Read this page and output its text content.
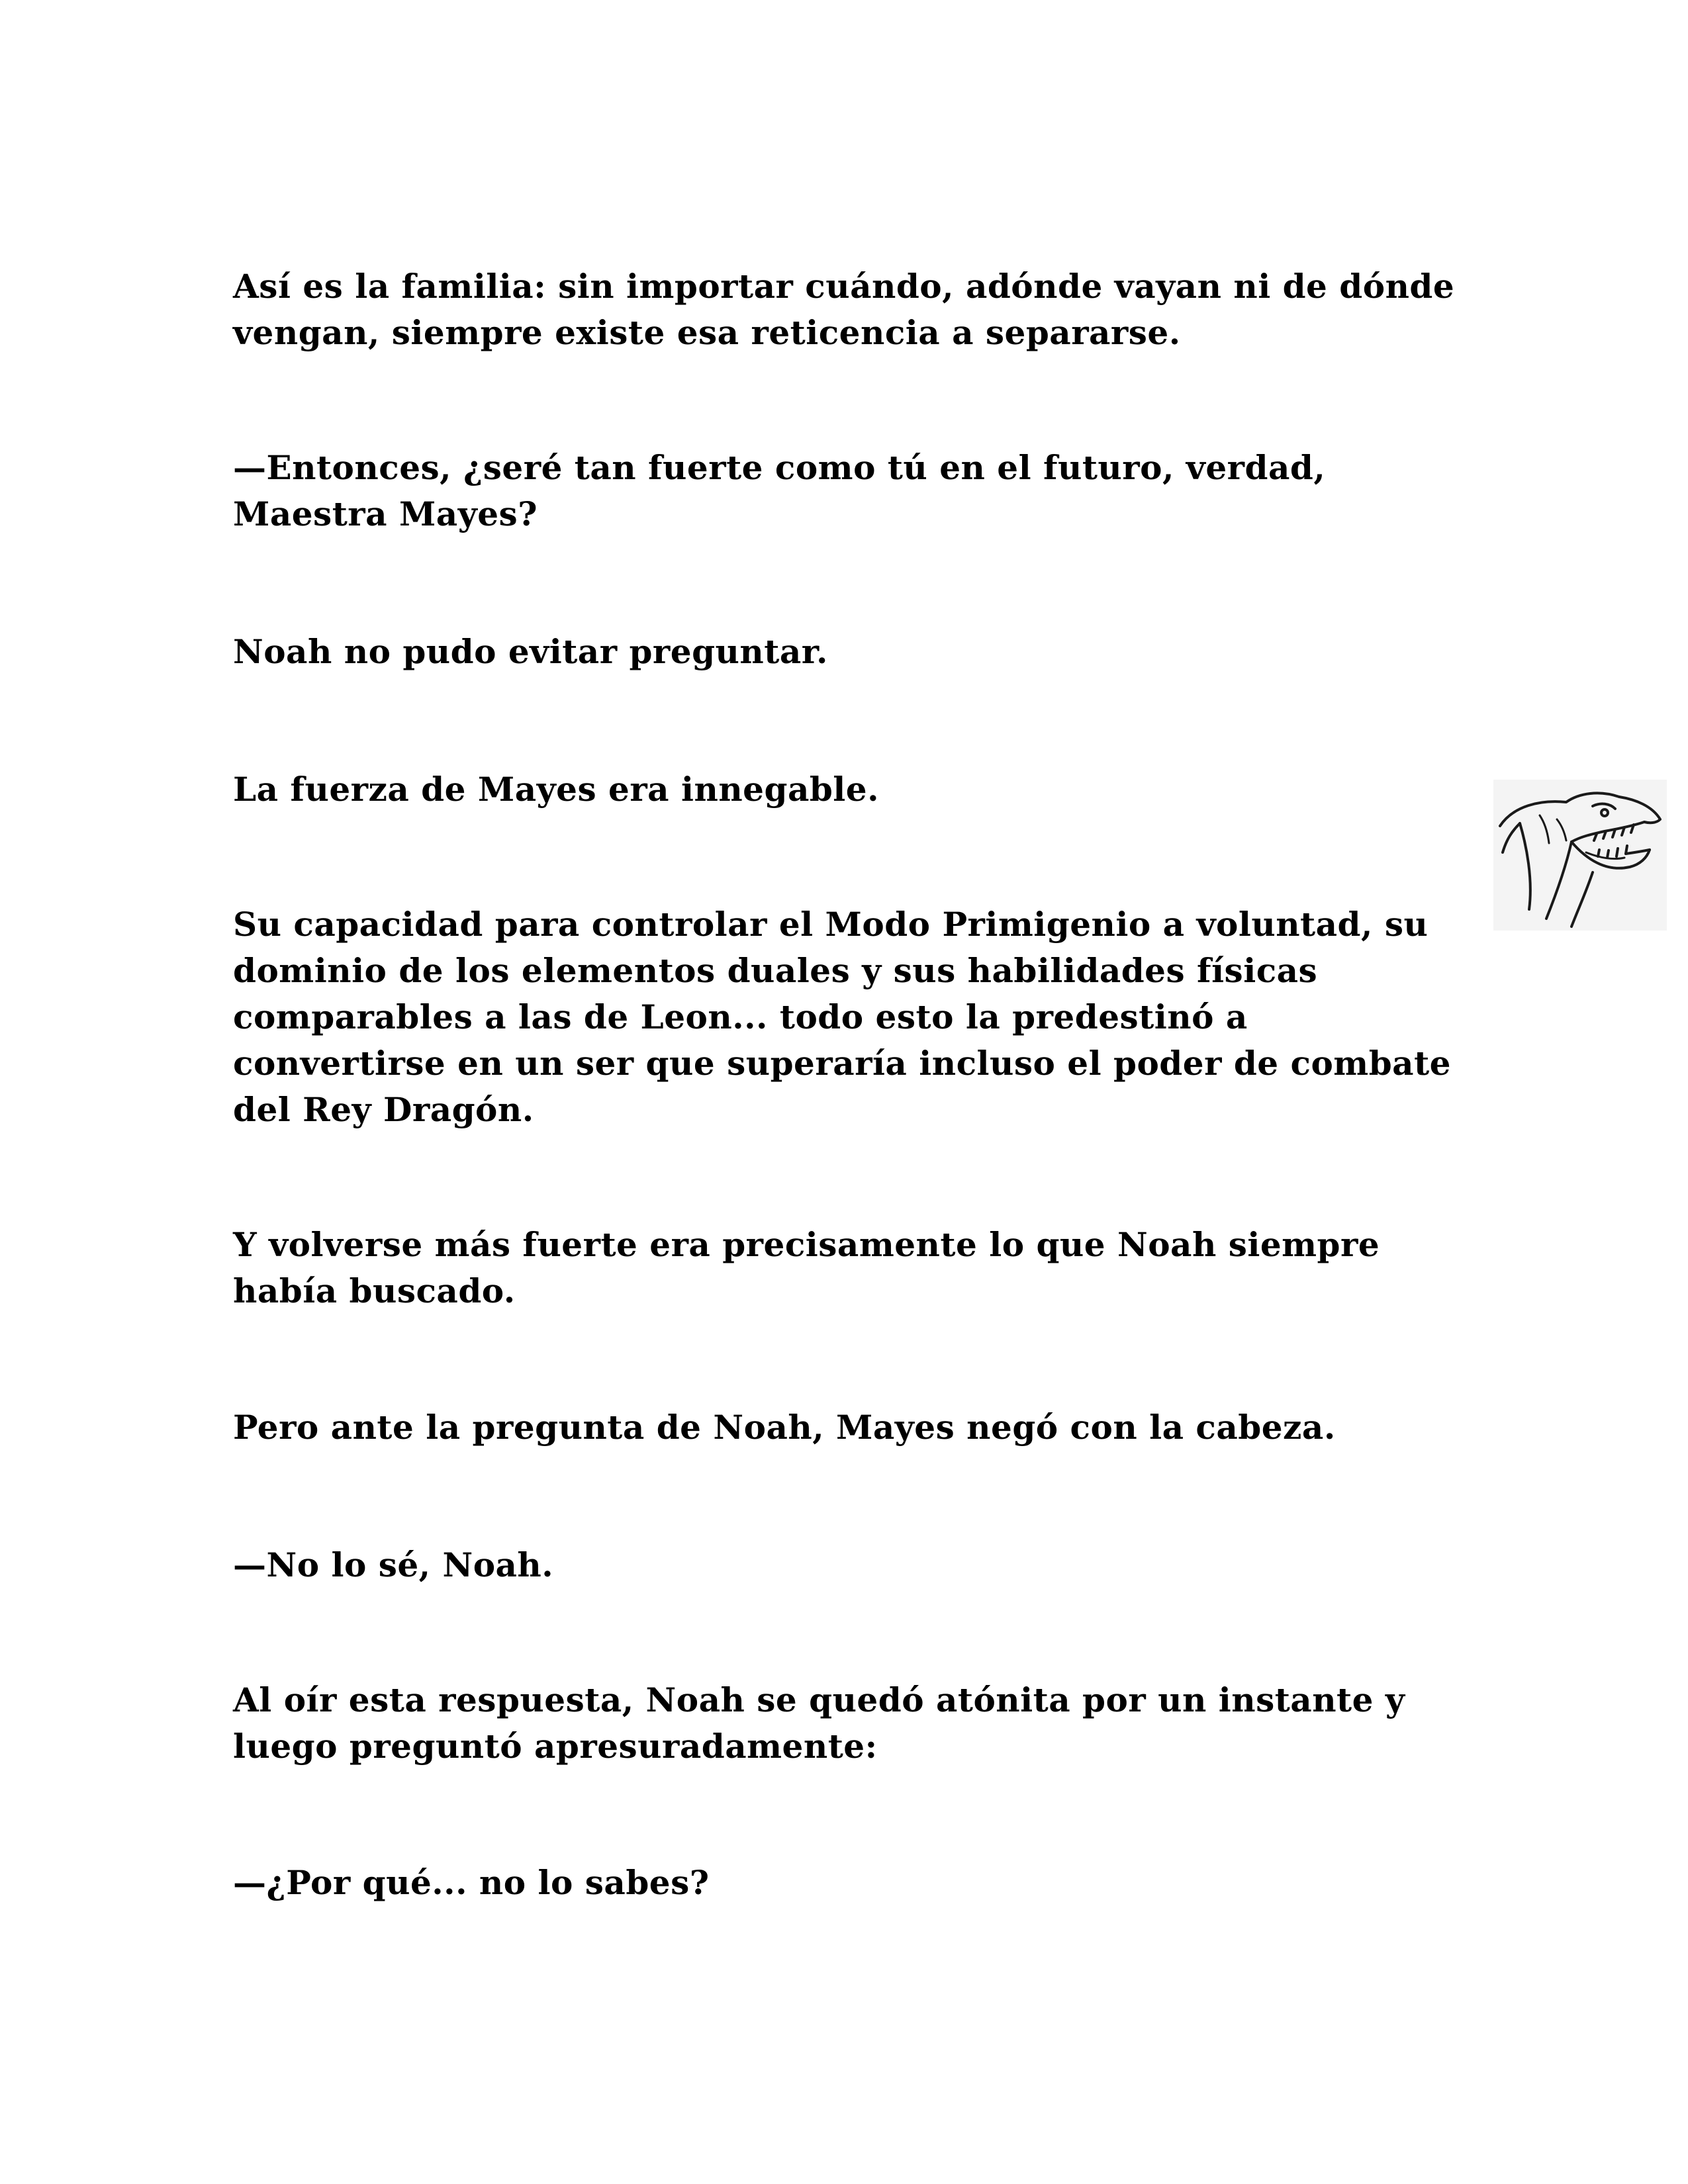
Así es la familia: sin importar cuándo, adónde vayan ni de dónde vengan, siempre existe esa reticencia a separarse.

—Entonces, ¿seré tan fuerte como tú en el futuro, verdad, Maestra Mayes?

Noah no pudo evitar preguntar.

La fuerza de Mayes era innegable.

Su capacidad para controlar el Modo Primigenio a voluntad, su dominio de los elementos duales y sus habilidades físicas comparables a las de Leon... todo esto la predestinó a convertirse en un ser que superaría incluso el poder de combate del Rey Dragón.

Y volverse más fuerte era precisamente lo que Noah siempre había buscado.

Pero ante la pregunta de Noah, Mayes negó con la cabeza.

—No lo sé, Noah.

Al oír esta respuesta, Noah se quedó atónita por un instante y luego preguntó apresuradamente:

—¿Por qué... no lo sabes?
